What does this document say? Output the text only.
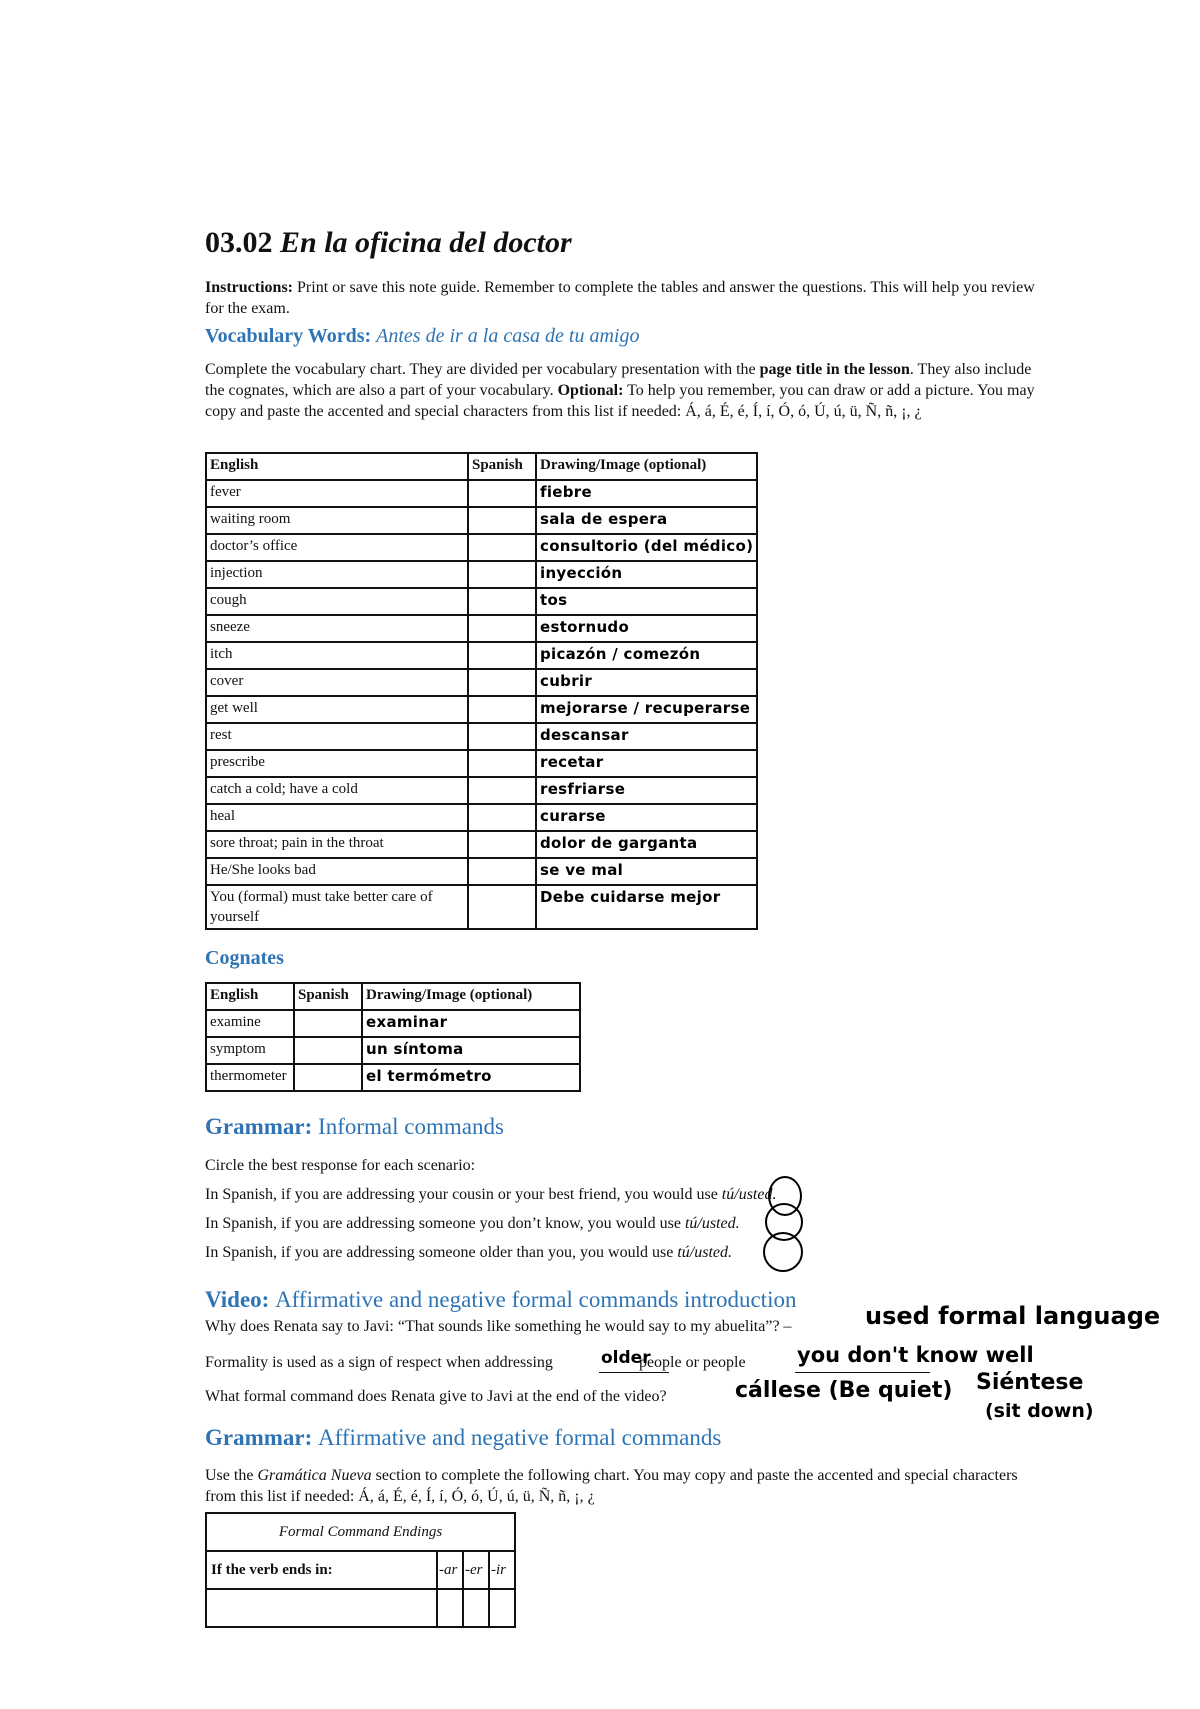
03.02 En la oficina del doctor

Instructions: Print or save this note guide. Remember to complete the tables and answer the questions. This will help you review for the exam.

Vocabulary Words: Antes de ir a la casa de tu amigo

Complete the vocabulary chart. They are divided per vocabulary presentation with the page title in the lesson. They also include the cognates, which are also a part of your vocabulary. Optional: To help you remember, you can draw or add a picture. You may copy and paste the accented and special characters from this list if needed: Á, á, É, é, Í, í, Ó, ó, Ú, ú, ü, Ñ, ñ, ¡, ¿

English	Spanish	Drawing/Image (optional)
fever		fiebre
waiting room		sala de espera
doctor’s office		consultorio (del médico)
injection		inyección
cough		tos
sneeze		estornudo
itch		picazón / comezón
cover		cubrir
get well		mejorarse / recuperarse
rest		descansar
prescribe		recetar
catch a cold; have a cold		resfriarse
heal		curarse
sore throat; pain in the throat		dolor de garganta
He/She looks bad		se ve mal
You (formal) must take better care of yourself		Debe cuidarse mejor
Cognates
English	Spanish	Drawing/Image (optional)
examine		examinar
symptom		un síntoma
thermometer		el termómetro
Grammar: Informal commands

Circle the best response for each scenario:

In Spanish, if you are addressing your cousin or your best friend, you would use tú/usted.

In Spanish, if you are addressing someone you don’t know, you would use tú/usted.

In Spanish, if you are addressing someone older than you, you would use tú/usted.

Video: Affirmative and negative formal commands introduction

Why does Renata say to Javi: “That sounds like something he would say to my abuelita”? –	used formal language

Formality is used as a sign of respect when addressing	people or people

older	you don't know well

What formal command does Renata give to Javi at the end of the video?	cállese (Be quiet) Siéntese
(sit down)
Grammar: Affirmative and negative formal commands

Use the Gramática Nueva section to complete the following chart. You may copy and paste the accented and special characters from this list if needed: Á, á, É, é, Í, í, Ó, ó, Ú, ú, ü, Ñ, ñ, ¡, ¿

Formal Command Endings			
If the verb ends in:	-ar	-er	-ir
